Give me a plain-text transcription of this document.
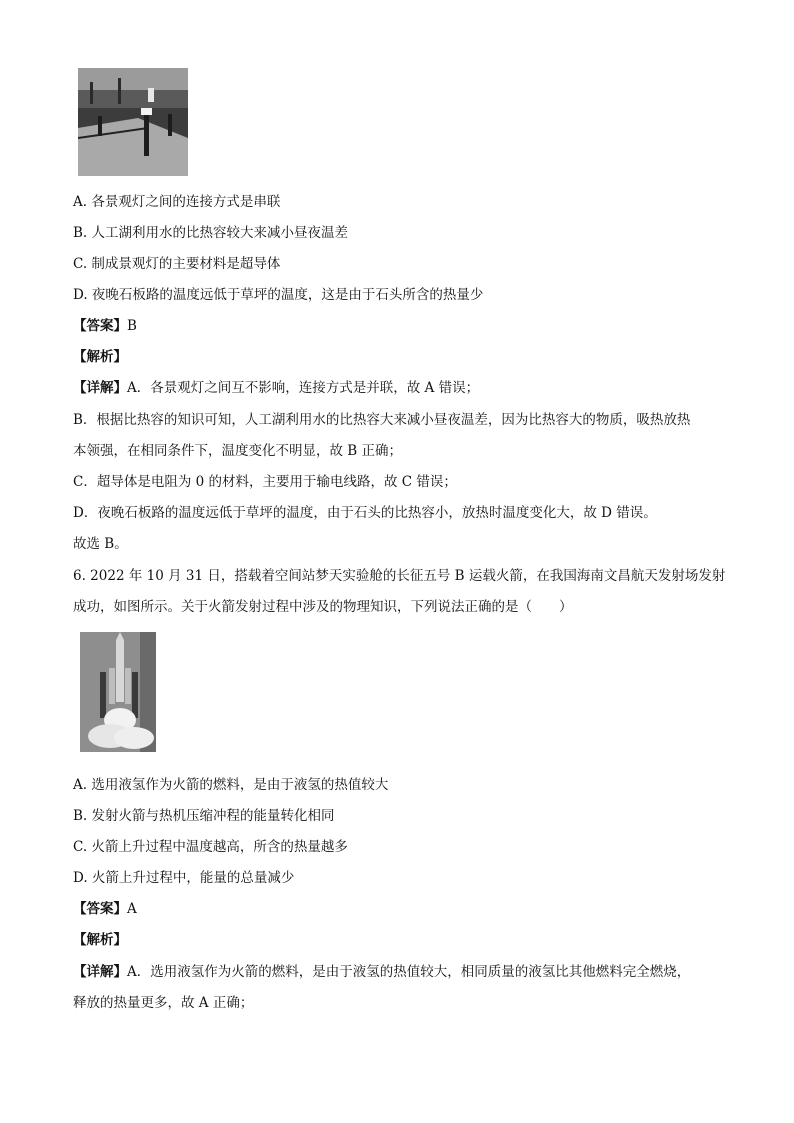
A. 各景观灯之间的连接方式是串联
B. 人工湖利用水的比热容较大来减小昼夜温差
C. 制成景观灯的主要材料是超导体
D. 夜晚石板路的温度远低于草坪的温度，这是由于石头所含的热量少
【答案】B
【解析】
【详解】A．各景观灯之间互不影响，连接方式是并联，故 A 错误；
B．根据比热容的知识可知，人工湖利用水的比热容大来减小昼夜温差，因为比热容大的物质，吸热放热
本领强，在相同条件下，温度变化不明显，故 B 正确；
C．超导体是电阻为 0 的材料，主要用于输电线路，故 C 错误；
D．夜晚石板路的温度远低于草坪的温度，由于石头的比热容小，放热时温度变化大，故 D 错误。
故选 B。
6. 2022 年 10 月 31 日，搭载着空间站梦天实验舱的长征五号 B 运载火箭，在我国海南文昌航天发射场发射
成功，如图所示。关于火箭发射过程中涉及的物理知识，下列说法正确的是（　　）
A. 选用液氢作为火箭的燃料，是由于液氢的热值较大
B. 发射火箭与热机压缩冲程的能量转化相同
C. 火箭上升过程中温度越高，所含的热量越多
D. 火箭上升过程中，能量的总量减少
【答案】A
【解析】
【详解】A．选用液氢作为火箭的燃料，是由于液氢的热值较大，相同质量的液氢比其他燃料完全燃烧，
释放的热量更多，故 A 正确；
